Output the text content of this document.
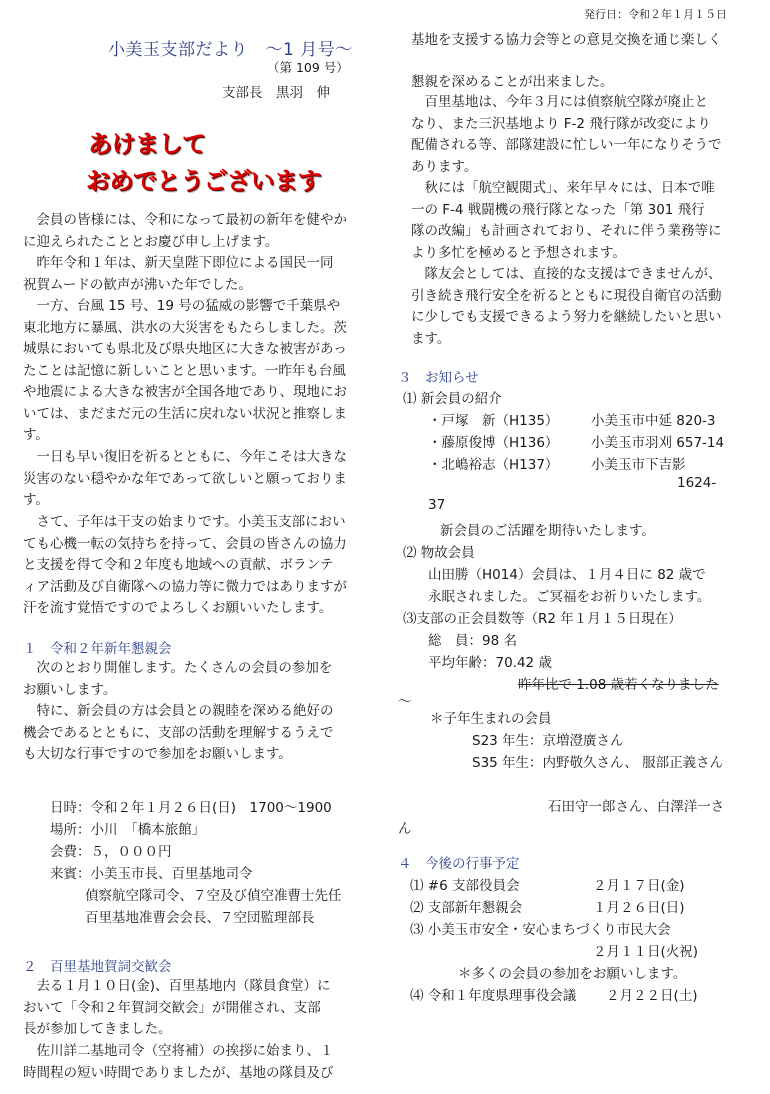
発行日：令和２年１月１５日
小美玉支部だより　～1 月号～
（第 109 号）
支部長　黒羽　伸
あけまして
おめでとうございます
　会員の皆様には、令和になって最初の新年を健やか
に迎えられたこととお慶び申し上げます。
　昨年令和１年は、新天皇陛下即位による国民一同
祝賀ムードの歓声が沸いた年でした。
　一方、台風 15 号、19 号の猛威の影響で千葉県や
東北地方に暴風、洪水の大災害をもたらしました。茨
城県においても県北及び県央地区に大きな被害があっ
たことは記憶に新しいことと思います。一昨年も台風
や地震による大きな被害が全国各地であり、現地にお
いては、まだまだ元の生活に戻れない状況と推察しま
す。
　一日も早い復旧を祈るとともに、今年こそは大きな
災害のない穏やかな年であって欲しいと願っておりま
す。
　さて、子年は干支の始まりです。小美玉支部におい
ても心機一転の気持ちを持って、会員の皆さんの協力
と支援を得て令和２年度も地域への貢献、ボランテ
ィア活動及び自衛隊への協力等に微力ではありますが
汗を流す覚悟ですのでよろしくお願いいたします。
１　令和２年新年懇親会
　次のとおり開催します。たくさんの会員の参加を
お願いします。
　特に、新会員の方は会員との親睦を深める絶好の
機会であるとともに、支部の活動を理解するうえで
も大切な行事ですので参加をお願いします。
日時：令和２年１月２６日(日)　1700～1900
場所：小川　「橋本旅館」
会費：５，０００円
来賓：小美玉市長、百里基地司令
偵察航空隊司令、７空及び偵空准曹士先任
百里基地准曹会会長、７空団監理部長
２　百里基地賀詞交歓会
　去る１月１０日(金)、百里基地内（隊員食堂）に
おいて「令和２年賀詞交歓会」が開催され、支部
長が参加してきました。
　佐川詳二基地司令（空将補）の挨拶に始まり、１
時間程の短い時間でありましたが、基地の隊員及び
基地を支援する協力会等との意見交換を通じ楽しく
懇親を深めることが出来ました。
　百里基地は、今年３月には偵察航空隊が廃止と
なり、また三沢基地より F-2 飛行隊が改変により
配備される等、部隊建設に忙しい一年になりそうで
あります。
　秋には「航空観閲式」、来年早々には、日本で唯
一の F-4 戦闘機の飛行隊となった「第 301 飛行
隊の改編」も計画されており、それに伴う業務等に
より多忙を極めると予想されます。
　隊友会としては、直接的な支援はできませんが、
引き続き飛行安全を祈るとともに現役自衛官の活動
に少しでも支援できるよう努力を継続したいと思い
ます。
３　お知らせ
⑴ 新会員の紹介
・戸塚　新（H135） 小美玉市中延 820-3
・藤原俊博（H136） 小美玉市羽刈 657-14
・北嶋裕志（H137） 小美玉市下吉影
1624-
37
新会員のご活躍を期待いたします。
⑵ 物故会員
山田勝（H014）会員は、１月４日に 82 歳で
永眠されました。ご冥福をお祈りいたします。
⑶支部の正会員数等（R2 年１月１５日現在）
総　員：98 名
平均年齢：70.42 歳
昨年比で 1.08 歳若くなりました
～
＊子年生まれの会員
S23 年生：京増澄廣さん
S35 年生：内野敬久さん、 服部正義さん
石田守一郎さん、白澤洋一さ
ん
４　今後の行事予定
⑴ #6 支部役員会	２月１７日(金)
⑵ 支部新年懇親会	１月２６日(日)
⑶ 小美玉市安全・安心まちづくり市民大会
２月１１日(火祝)
＊多くの会員の参加をお願いします。
⑷ 令和１年度県理事役会議 ２月２２日(土)
